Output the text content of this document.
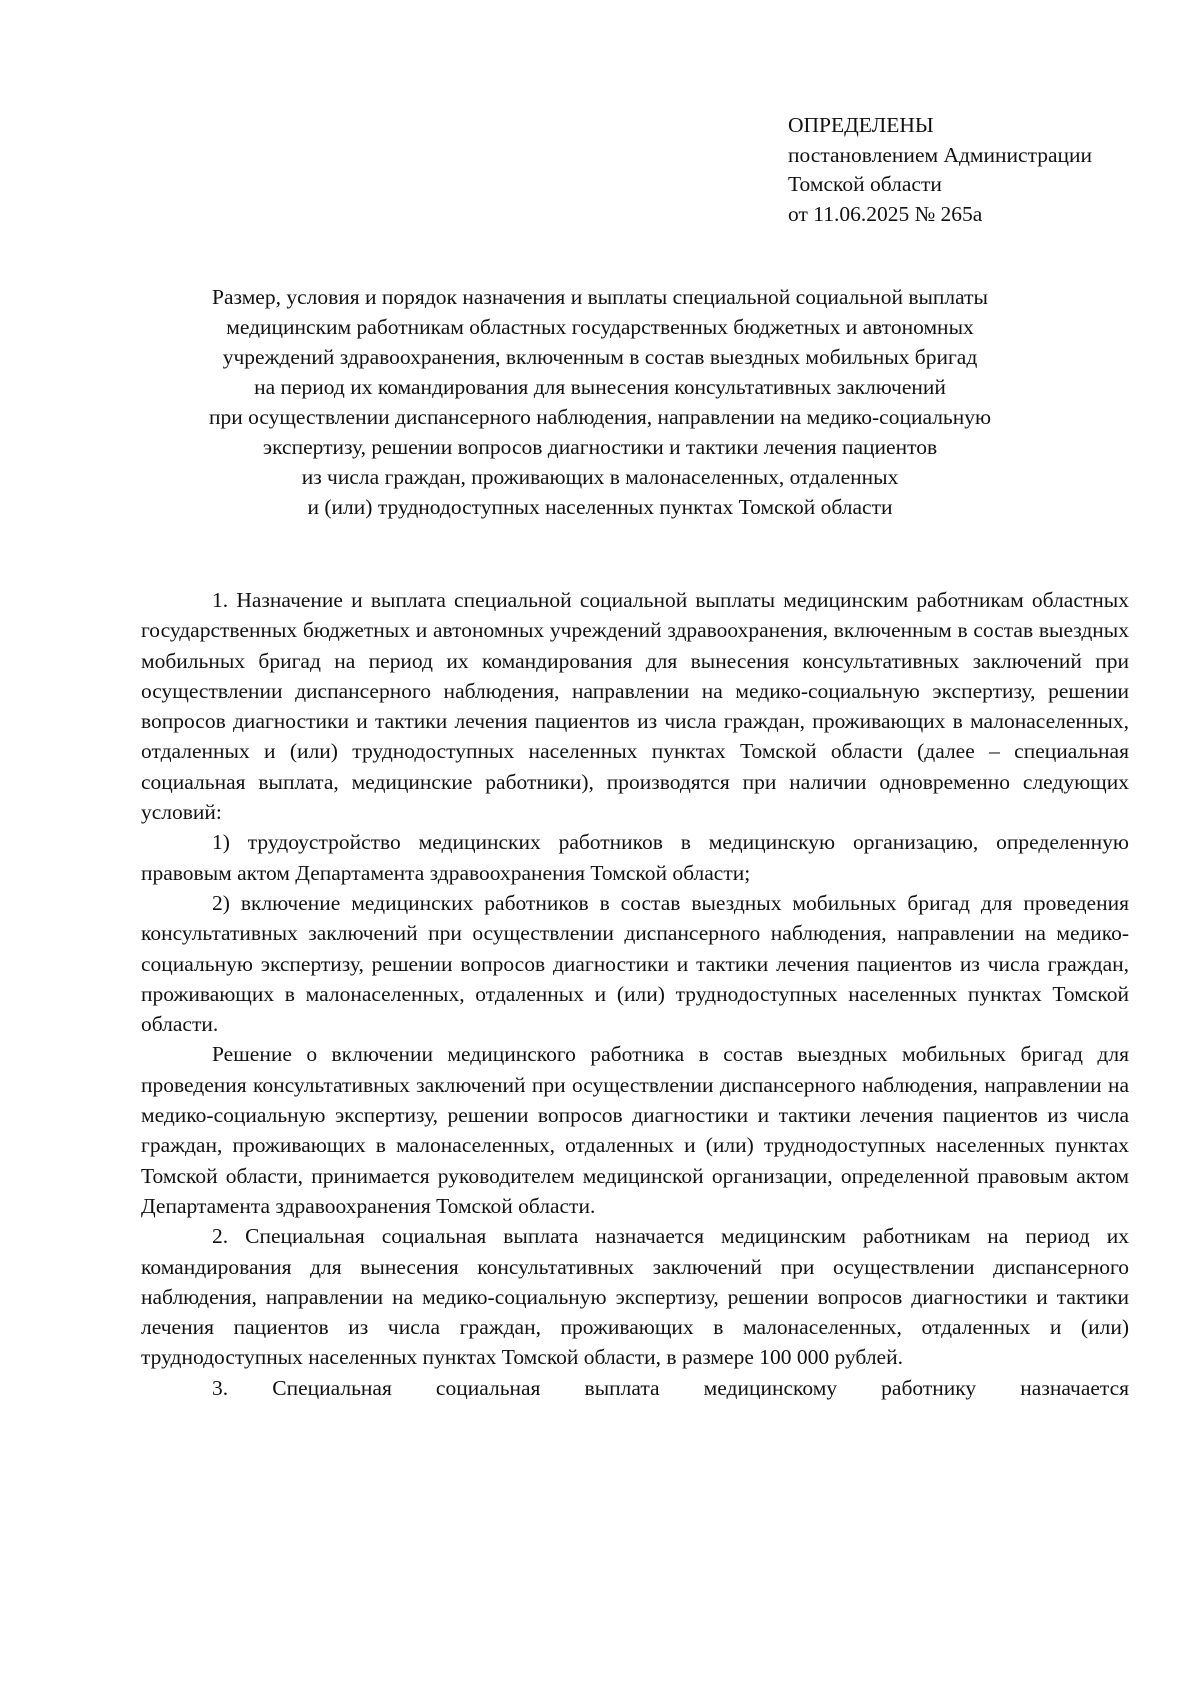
ОПРЕДЕЛЕНЫ
постановлением Администрации
Томской области
от 11.06.2025 № 265а
Размер, условия и порядок назначения и выплаты специальной социальной выплаты
медицинским работникам областных государственных бюджетных и автономных
учреждений здравоохранения, включенным в состав выездных мобильных бригад
на период их командирования для вынесения консультативных заключений
при осуществлении диспансерного наблюдения, направлении на медико-социальную
экспертизу, решении вопросов диагностики и тактики лечения пациентов
из числа граждан, проживающих в малонаселенных, отдаленных
и (или) труднодоступных населенных пунктах Томской области

1. Назначение и выплата специальной социальной выплаты медицинским работникам областных государственных бюджетных и автономных учреждений здравоохранения, включенным в состав выездных мобильных бригад на период их командирования для вынесения консультативных заключений при осуществлении диспансерного наблюдения, направлении на медико-социальную экспертизу, решении вопросов диагностики и тактики лечения пациентов из числа граждан, проживающих в малонаселенных, отдаленных и (или) труднодоступных населенных пунктах Томской области (далее – специальная социальная выплата, медицинские работники), производятся при наличии одновременно следующих условий:

1) трудоустройство медицинских работников в медицинскую организацию, определенную правовым актом Департамента здравоохранения Томской области;

2) включение медицинских работников в состав выездных мобильных бригад для проведения консультативных заключений при осуществлении диспансерного наблюдения, направлении на медико-социальную экспертизу, решении вопросов диагностики и тактики лечения пациентов из числа граждан, проживающих в малонаселенных, отдаленных и (или) труднодоступных населенных пунктах Томской области.

Решение о включении медицинского работника в состав выездных мобильных бригад для проведения консультативных заключений при осуществлении диспансерного наблюдения, направлении на медико-социальную экспертизу, решении вопросов диагностики и тактики лечения пациентов из числа граждан, проживающих в малонаселенных, отдаленных и (или) труднодоступных населенных пунктах Томской области, принимается руководителем медицинской организации, определенной правовым актом Департамента здравоохранения Томской области.

2. Специальная социальная выплата назначается медицинским работникам на период их командирования для вынесения консультативных заключений при осуществлении диспансерного наблюдения, направлении на медико-социальную экспертизу, решении вопросов диагностики и тактики лечения пациентов из числа граждан, проживающих в малонаселенных, отдаленных и (или) труднодоступных населенных пунктах Томской области, в размере 100 000 рублей.

3. Специальная социальная выплата медицинскому работнику назначается
